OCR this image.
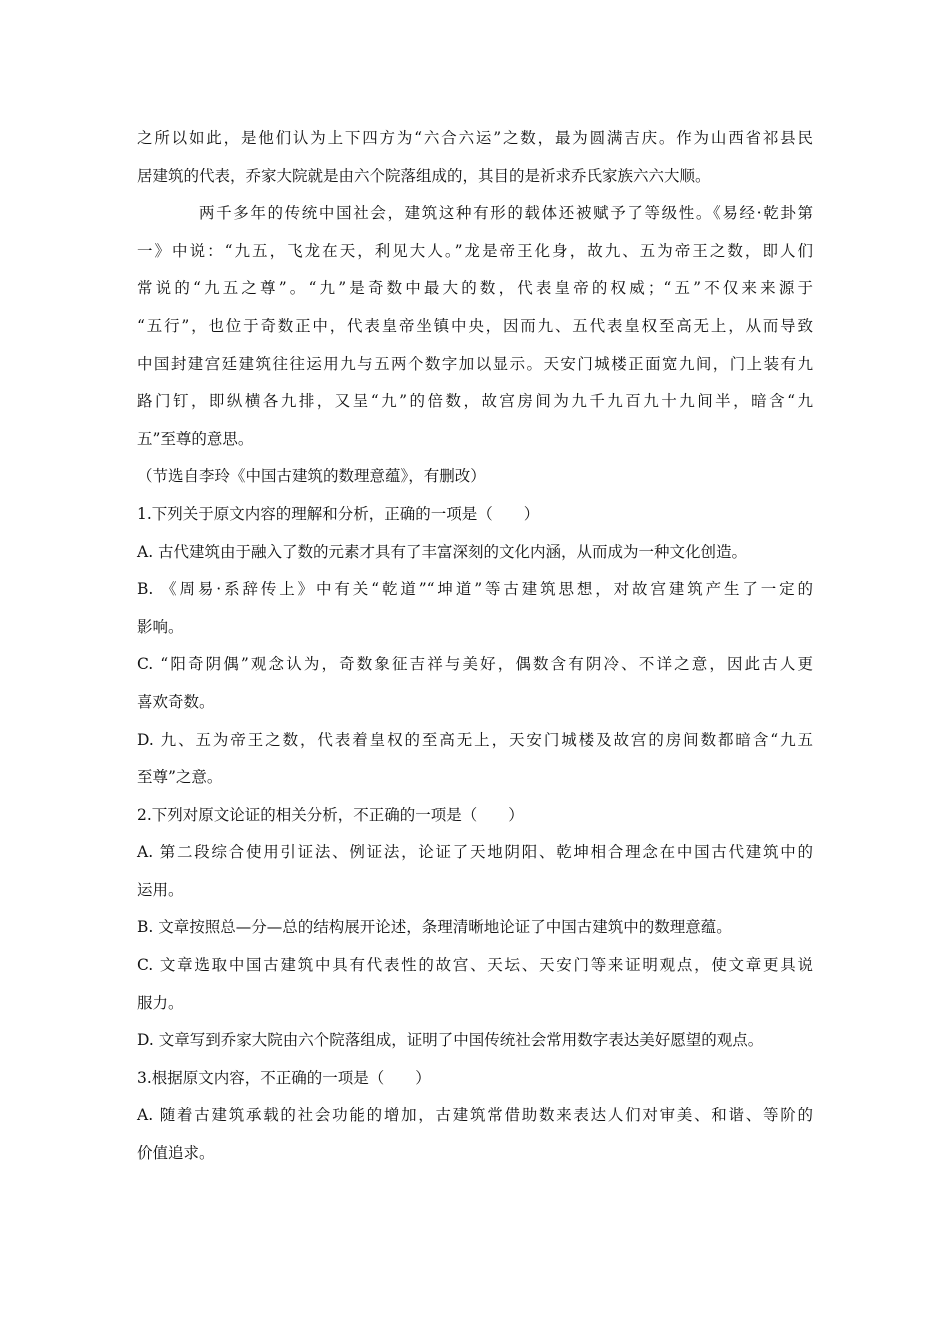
之所以如此，是他们认为上下四方为“六合六运”之数，最为圆满吉庆。作为山西省祁县民
居建筑的代表，乔家大院就是由六个院落组成的，其目的是祈求乔氏家族六六大顺。
两千多年的传统中国社会，建筑这种有形的载体还被赋予了等级性。《易经·乾卦第
一》中说：“九五，飞龙在天，利见大人。”龙是帝王化身，故九、五为帝王之数，即人们
常说的“九五之尊”。“九”是奇数中最大的数，代表皇帝的权威；“五”不仅来来源于
“五行”，也位于奇数正中，代表皇帝坐镇中央，因而九、五代表皇权至高无上，从而导致
中国封建宫廷建筑往往运用九与五两个数字加以显示。天安门城楼正面宽九间，门上装有九
路门钉，即纵横各九排，又呈“九”的倍数，故宫房间为九千九百九十九间半，暗含“九
五”至尊的意思。
（节选自李玲《中国古建筑的数理意蕴》，有删改）
1.下列关于原文内容的理解和分析，正确的一项是（　　）
A. 古代建筑由于融入了数的元素才具有了丰富深刻的文化内涵，从而成为一种文化创造。
B. 《周易·系辞传上》中有关“乾道”“坤道”等古建筑思想，对故宫建筑产生了一定的
影响。
C. “阳奇阴偶”观念认为，奇数象征吉祥与美好，偶数含有阴冷、不详之意，因此古人更
喜欢奇数。
D. 九、五为帝王之数，代表着皇权的至高无上，天安门城楼及故宫的房间数都暗含“九五
至尊”之意。
2.下列对原文论证的相关分析，不正确的一项是（　　）
A. 第二段综合使用引证法、例证法，论证了天地阴阳、乾坤相合理念在中国古代建筑中的
运用。
B. 文章按照总—分—总的结构展开论述，条理清晰地论证了中国古建筑中的数理意蕴。
C. 文章选取中国古建筑中具有代表性的故宫、天坛、天安门等来证明观点，使文章更具说
服力。
D. 文章写到乔家大院由六个院落组成，证明了中国传统社会常用数字表达美好愿望的观点。
3.根据原文内容，不正确的一项是（　　）
A. 随着古建筑承载的社会功能的增加，古建筑常借助数来表达人们对审美、和谐、等阶的
价值追求。
